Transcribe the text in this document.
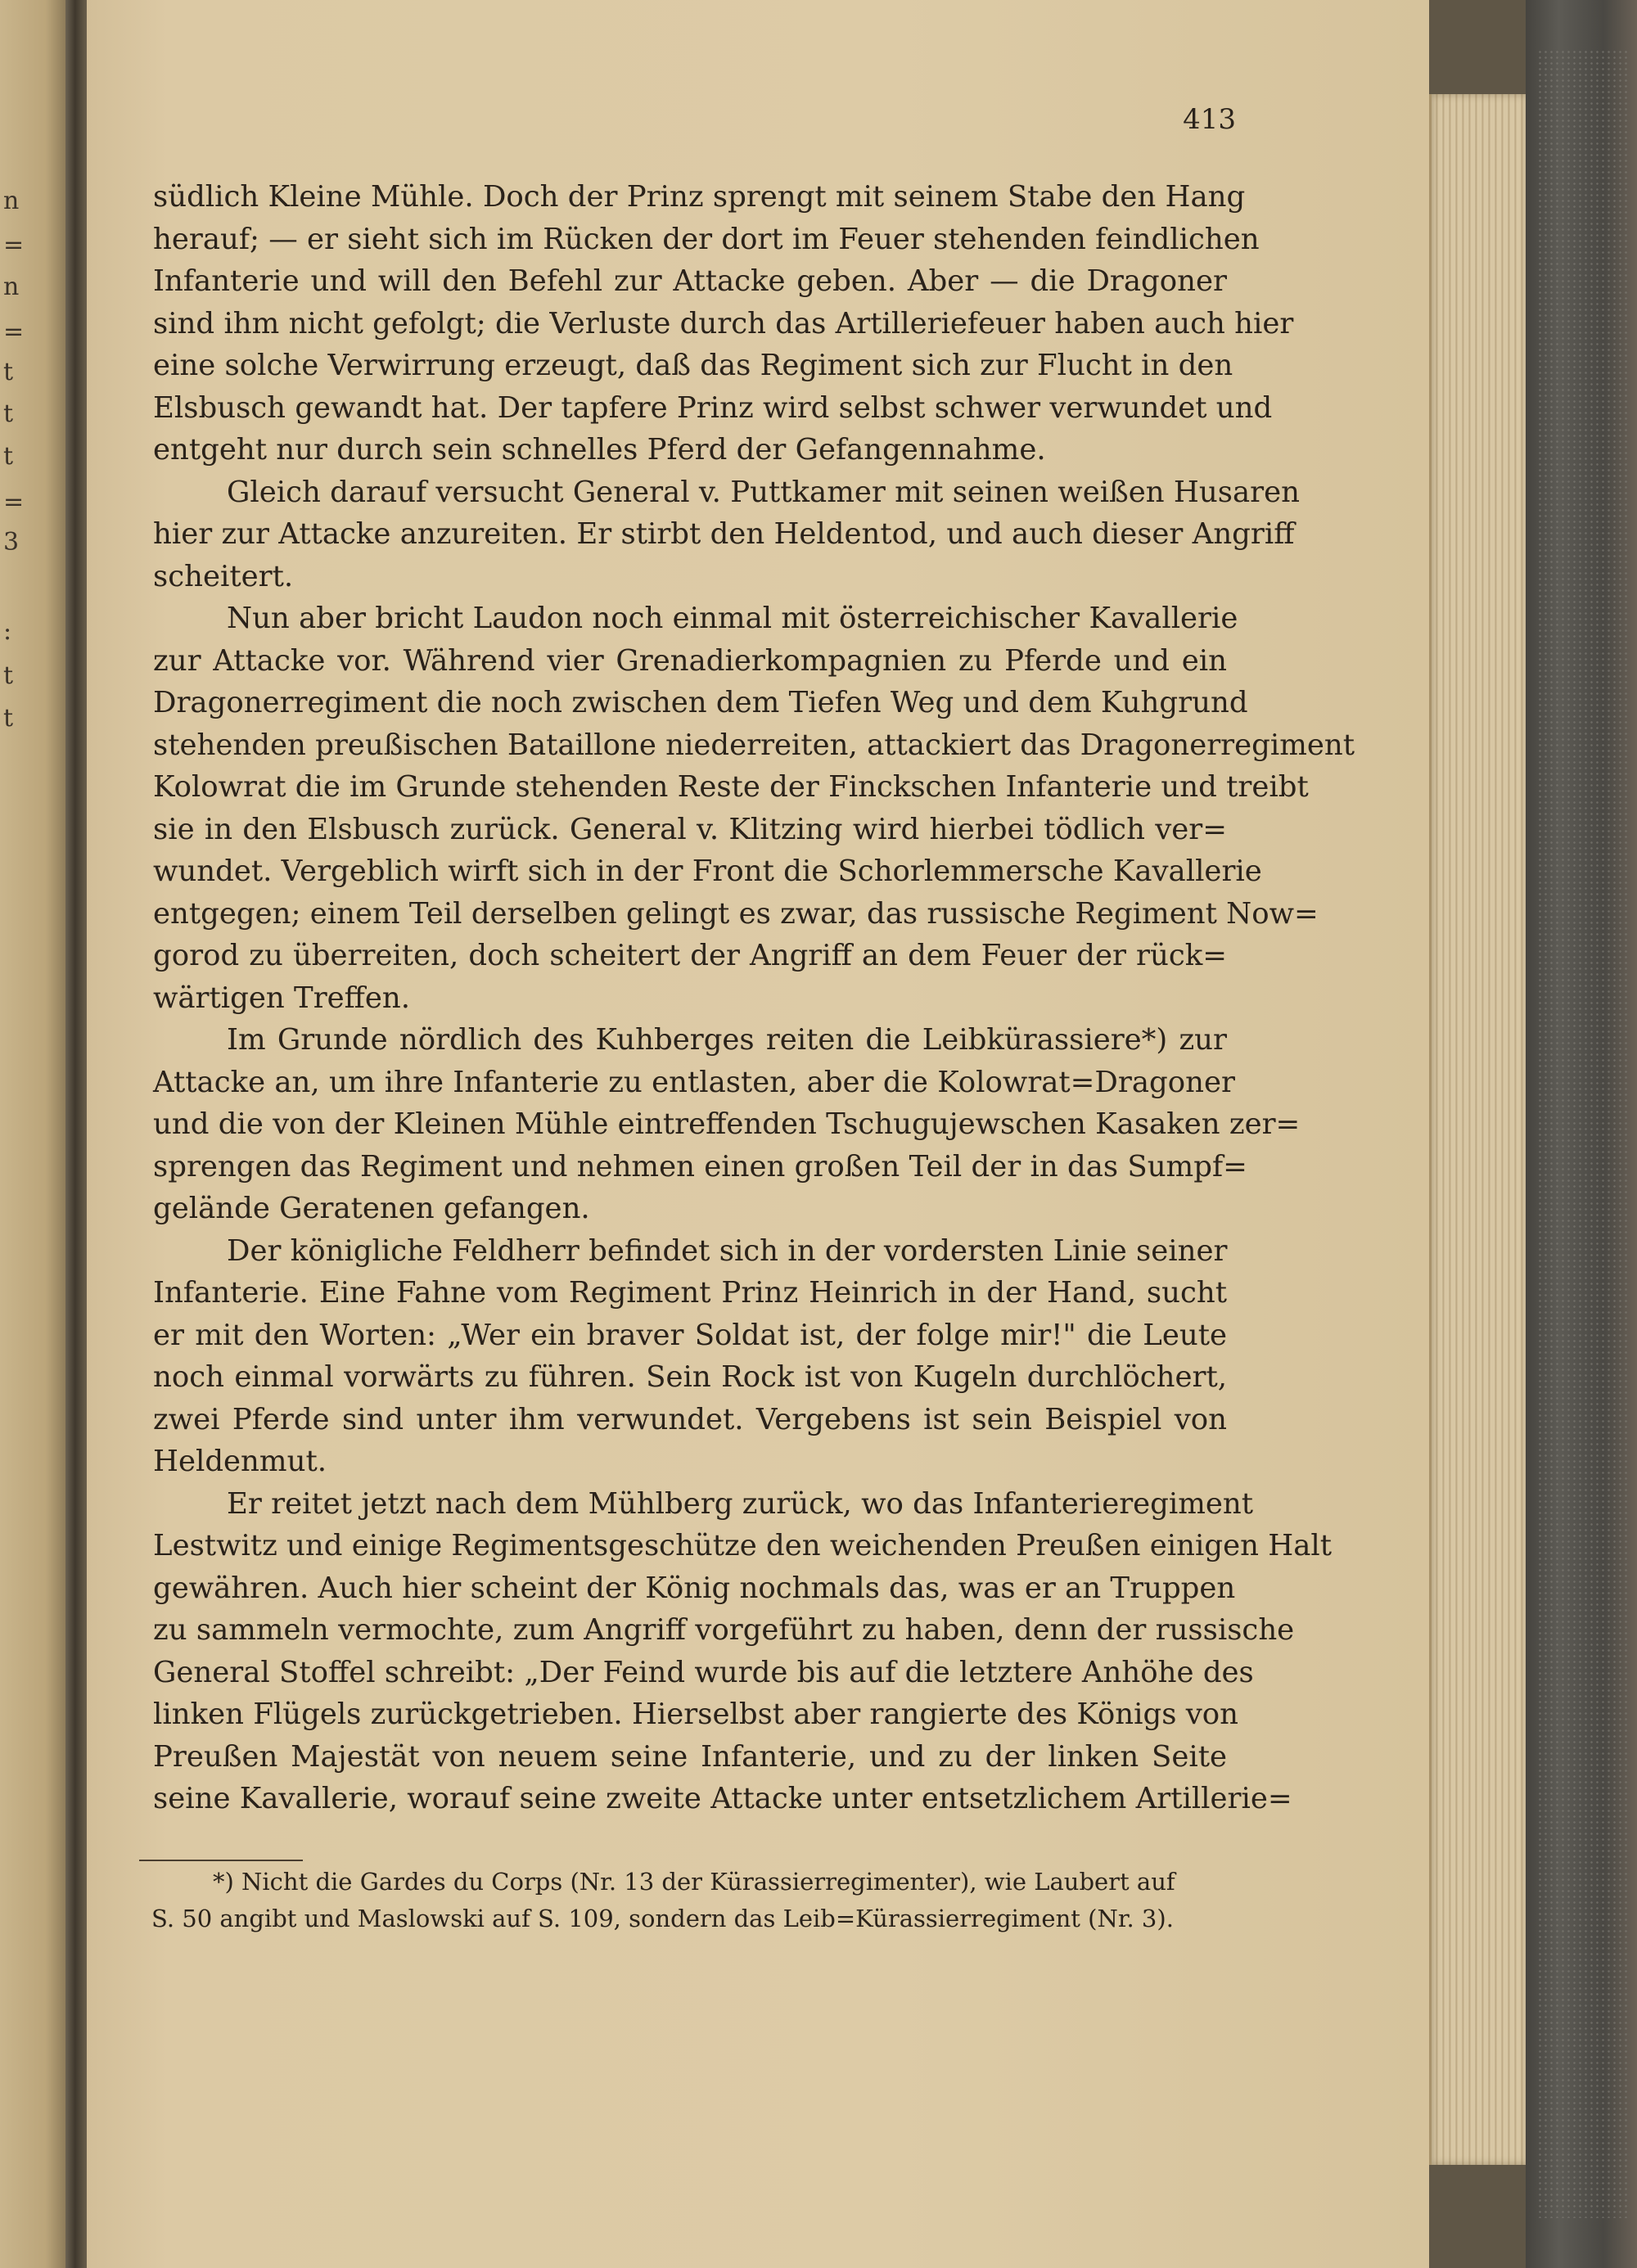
n
=
n
=
t
t
t
=
3
:
t
t
413
südlich Kleine Mühle. Doch der Prinz sprengt mit seinem Stabe den Hang
herauf; — er sieht sich im Rücken der dort im Feuer stehenden feindlichen
Infanterie und will den Befehl zur Attacke geben. Aber — die Dragoner
sind ihm nicht gefolgt; die Verluste durch das Artilleriefeuer haben auch hier
eine solche Verwirrung erzeugt, daß das Regiment sich zur Flucht in den
Elsbusch gewandt hat. Der tapfere Prinz wird selbst schwer verwundet und
entgeht nur durch sein schnelles Pferd der Gefangennahme.
Gleich darauf versucht General v. Puttkamer mit seinen weißen Husaren
hier zur Attacke anzureiten. Er stirbt den Heldentod, und auch dieser Angriff
scheitert.
Nun aber bricht Laudon noch einmal mit österreichischer Kavallerie
zur Attacke vor. Während vier Grenadierkompagnien zu Pferde und ein
Dragonerregiment die noch zwischen dem Tiefen Weg und dem Kuhgrund
stehenden preußischen Bataillone niederreiten, attackiert das Dragonerregiment
Kolowrat die im Grunde stehenden Reste der Finckschen Infanterie und treibt
sie in den Elsbusch zurück. General v. Klitzing wird hierbei tödlich ver=
wundet. Vergeblich wirft sich in der Front die Schorlemmersche Kavallerie
entgegen; einem Teil derselben gelingt es zwar, das russische Regiment Now=
gorod zu überreiten, doch scheitert der Angriff an dem Feuer der rück=
wärtigen Treffen.
Im Grunde nördlich des Kuhberges reiten die Leibkürassiere*) zur
Attacke an, um ihre Infanterie zu entlasten, aber die Kolowrat=Dragoner
und die von der Kleinen Mühle eintreffenden Tschugujewschen Kasaken zer=
sprengen das Regiment und nehmen einen großen Teil der in das Sumpf=
gelände Geratenen gefangen.
Der königliche Feldherr befindet sich in der vordersten Linie seiner
Infanterie. Eine Fahne vom Regiment Prinz Heinrich in der Hand, sucht
er mit den Worten: „Wer ein braver Soldat ist, der folge mir!" die Leute
noch einmal vorwärts zu führen. Sein Rock ist von Kugeln durchlöchert,
zwei Pferde sind unter ihm verwundet. Vergebens ist sein Beispiel von
Heldenmut.
Er reitet jetzt nach dem Mühlberg zurück, wo das Infanterieregiment
Lestwitz und einige Regimentsgeschütze den weichenden Preußen einigen Halt
gewähren. Auch hier scheint der König nochmals das, was er an Truppen
zu sammeln vermochte, zum Angriff vorgeführt zu haben, denn der russische
General Stoffel schreibt: „Der Feind wurde bis auf die letztere Anhöhe des
linken Flügels zurückgetrieben. Hierselbst aber rangierte des Königs von
Preußen Majestät von neuem seine Infanterie, und zu der linken Seite
seine Kavallerie, worauf seine zweite Attacke unter entsetzlichem Artillerie=
*) Nicht die Gardes du Corps (Nr. 13 der Kürassierregimenter), wie Laubert auf
S. 50 angibt und Maslowski auf S. 109, sondern das Leib=Kürassierregiment (Nr. 3).
